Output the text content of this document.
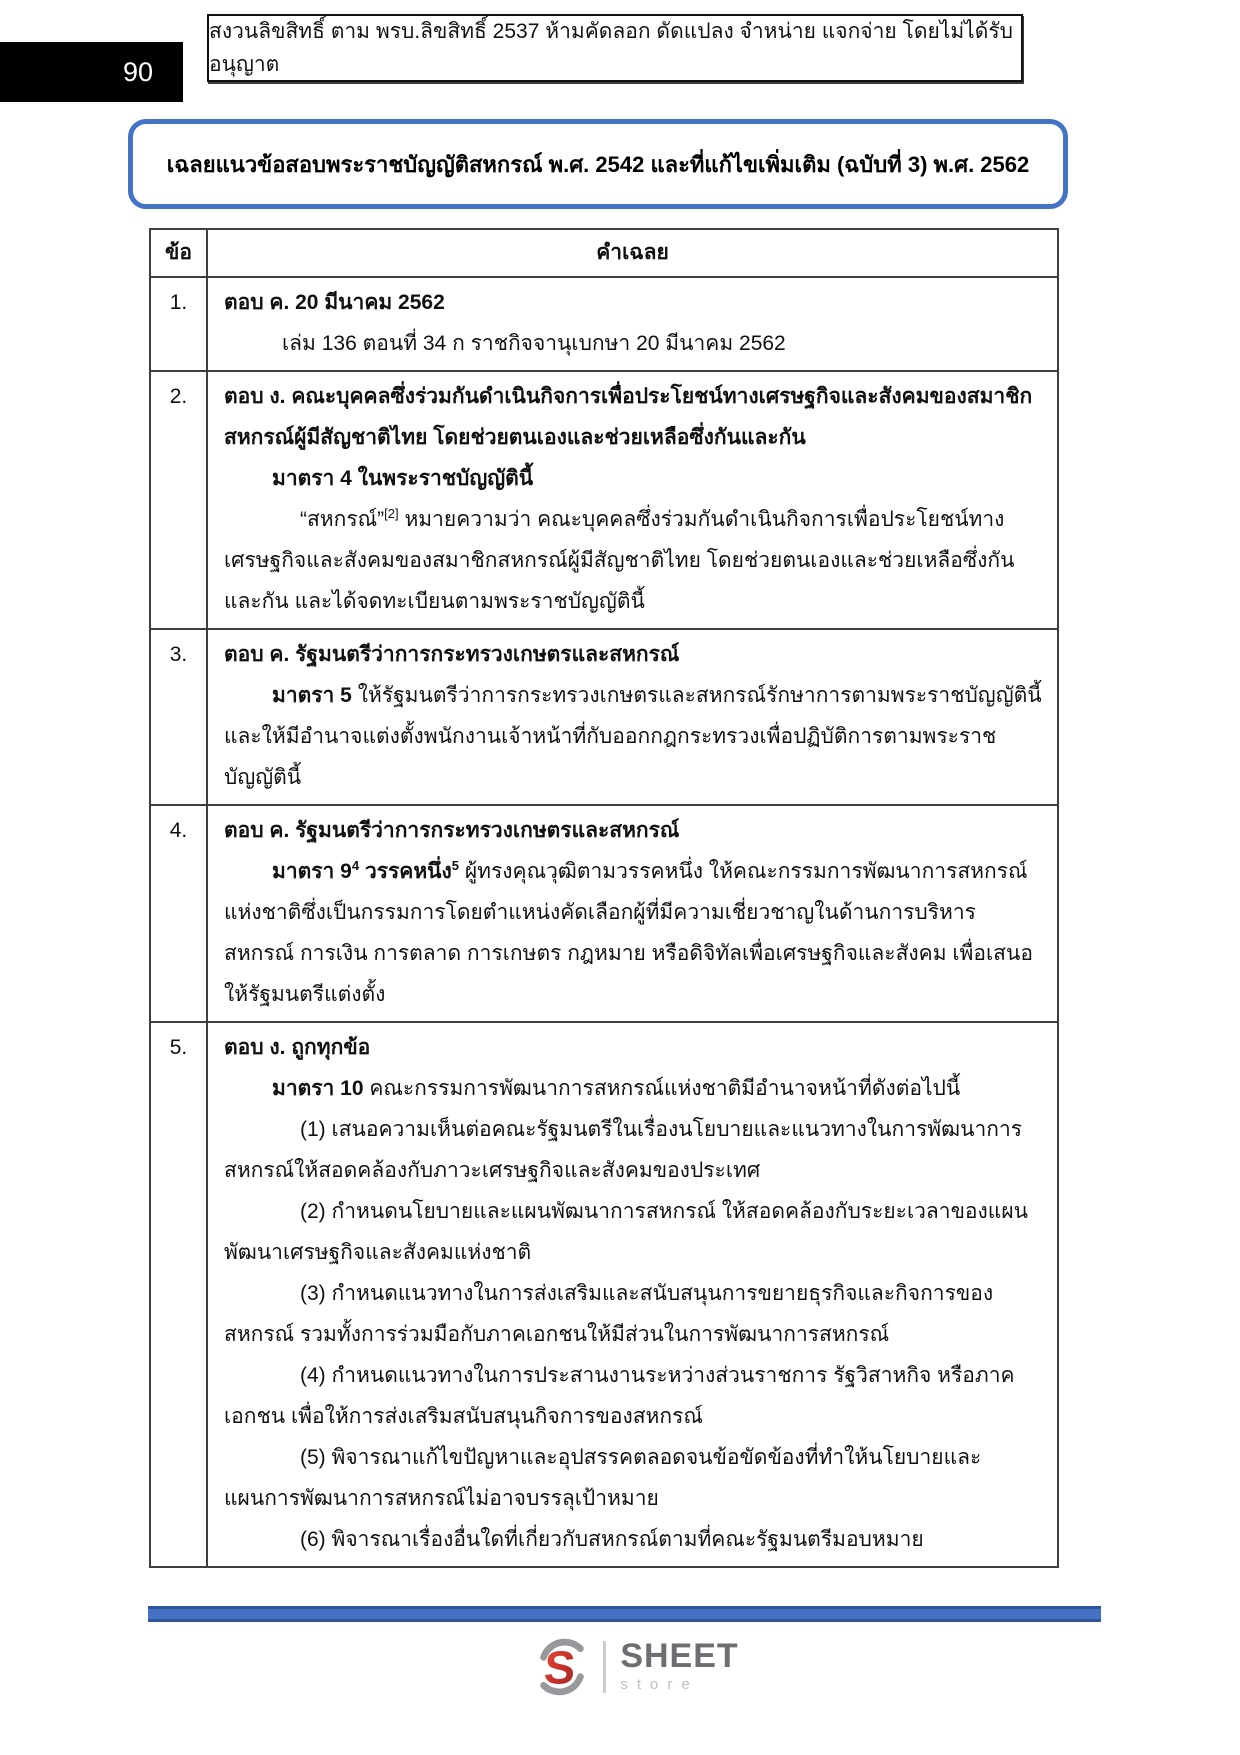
90
สงวนลิขสิทธิ์ ตาม พรบ.ลิขสิทธิ์ 2537 ห้ามคัดลอก ดัดแปลง จำหน่าย แจกจ่าย โดยไม่ได้รับอนุญาต
เฉลยแนวข้อสอบพระราชบัญญัติสหกรณ์ พ.ศ. 2542 และที่แก้ไขเพิ่มเติม (ฉบับที่ 3) พ.ศ. 2562
ข้อ	คำเฉลย
1.	ตอบ ค. 20 มีนาคม 2562

เล่ม 136 ตอนที่ 34 ก ราชกิจจานุเบกษา 20 มีนาคม 2562

2.	ตอบ ง. คณะบุคคลซึ่งร่วมกันดำเนินกิจการเพื่อประโยชน์ทางเศรษฐกิจและสังคมของสมาชิกสหกรณ์ผู้มีสัญชาติไทย โดยช่วยตนเองและช่วยเหลือซึ่งกันและกัน

มาตรา 4 ในพระราชบัญญัตินี้

“สหกรณ์”[2] หมายความว่า คณะบุคคลซึ่งร่วมกันดำเนินกิจการเพื่อประโยชน์ทางเศรษฐกิจและสังคมของสมาชิกสหกรณ์ผู้มีสัญชาติไทย โดยช่วยตนเองและช่วยเหลือซึ่งกันและกัน และได้จดทะเบียนตามพระราชบัญญัตินี้

3.	ตอบ ค. รัฐมนตรีว่าการกระทรวงเกษตรและสหกรณ์

มาตรา 5 ให้รัฐมนตรีว่าการกระทรวงเกษตรและสหกรณ์รักษาการตามพระราชบัญญัตินี้ และให้มีอำนาจแต่งตั้งพนักงานเจ้าหน้าที่กับออกกฎกระทรวงเพื่อปฏิบัติการตามพระราชบัญญัตินี้

4.	ตอบ ค. รัฐมนตรีว่าการกระทรวงเกษตรและสหกรณ์

มาตรา $9^4$ วรรคหนึ่ง$^5$ ผู้ทรงคุณวุฒิตามวรรคหนึ่ง ให้คณะกรรมการพัฒนาการสหกรณ์แห่งชาติซึ่งเป็นกรรมการโดยตำแหน่งคัดเลือกผู้ที่มีความเชี่ยวชาญในด้านการบริหารสหกรณ์ การเงิน การตลาด การเกษตร กฎหมาย หรือดิจิทัลเพื่อเศรษฐกิจและสังคม เพื่อเสนอให้รัฐมนตรีแต่งตั้ง

5.	ตอบ ง. ถูกทุกข้อ

มาตรา 10 คณะกรรมการพัฒนาการสหกรณ์แห่งชาติมีอำนาจหน้าที่ดังต่อไปนี้

(1) เสนอความเห็นต่อคณะรัฐมนตรีในเรื่องนโยบายและแนวทางในการพัฒนาการสหกรณ์ให้สอดคล้องกับภาวะเศรษฐกิจและสังคมของประเทศ

(2) กำหนดนโยบายและแผนพัฒนาการสหกรณ์ ให้สอดคล้องกับระยะเวลาของแผนพัฒนาเศรษฐกิจและสังคมแห่งชาติ

(3) กำหนดแนวทางในการส่งเสริมและสนับสนุนการขยายธุรกิจและกิจการของสหกรณ์ รวมทั้งการร่วมมือกับภาคเอกชนให้มีส่วนในการพัฒนาการสหกรณ์

(4) กำหนดแนวทางในการประสานงานระหว่างส่วนราชการ รัฐวิสาหกิจ หรือภาคเอกชน เพื่อให้การส่งเสริมสนับสนุนกิจการของสหกรณ์

(5) พิจารณาแก้ไขปัญหาและอุปสรรคตลอดจนข้อขัดข้องที่ทำให้นโยบายและแผนการพัฒนาการสหกรณ์ไม่อาจบรรลุเป้าหมาย

(6) พิจารณาเรื่องอื่นใดที่เกี่ยวกับสหกรณ์ตามที่คณะรัฐมนตรีมอบหมาย

S SHEET
store
